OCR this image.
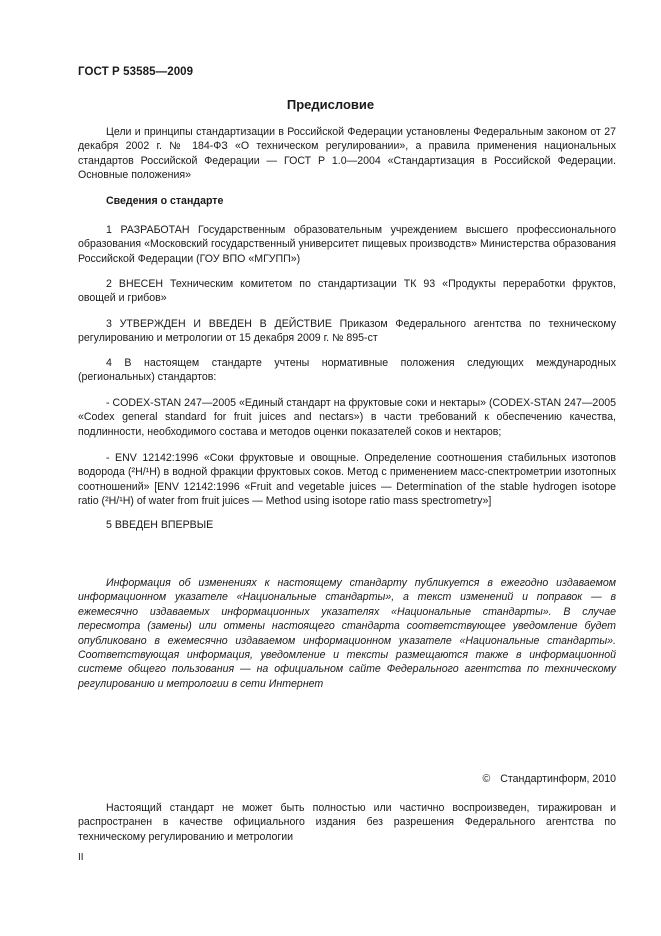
ГОСТ Р 53585—2009
Предисловие
Цели и принципы стандартизации в Российской Федерации установлены Федеральным законом от 27 декабря 2002 г. № 184-ФЗ «О техническом регулировании», а правила применения национальных стандартов Российской Федерации — ГОСТ Р 1.0—2004 «Стандартизация в Российской Федерации. Основные положения»
Сведения о стандарте
1 РАЗРАБОТАН Государственным образовательным учреждением высшего профессионального образования «Московский государственный университет пищевых производств» Министерства образования Российской Федерации (ГОУ ВПО «МГУПП»)
2 ВНЕСЕН Техническим комитетом по стандартизации ТК 93 «Продукты переработки фруктов, овощей и грибов»
3 УТВЕРЖДЕН И ВВЕДЕН В ДЕЙСТВИЕ Приказом Федерального агентства по техническому регулированию и метрологии от 15 декабря 2009 г. № 895-ст
4 В настоящем стандарте учтены нормативные положения следующих международных (региональных) стандартов:
- CODEX-STAN 247—2005 «Единый стандарт на фруктовые соки и нектары» (CODEX-STAN 247—2005 «Codex general standard for fruit juices and nectars») в части требований к обеспечению качества, подлинности, необходимого состава и методов оценки показателей соков и нектаров;
- ENV 12142:1996 «Соки фруктовые и овощные. Определение соотношения стабильных изотопов водорода (²H/¹H) в водной фракции фруктовых соков. Метод с применением масс-спектрометрии изотопных соотношений» [ENV 12142:1996 «Fruit and vegetable juices — Determination of the stable hydrogen isotope ratio (²H/¹H) of water from fruit juices — Method using isotope ratio mass spectrometry»]
5 ВВЕДЕН ВПЕРВЫЕ
Информация об изменениях к настоящему стандарту публикуется в ежегодно издаваемом информационном указателе «Национальные стандарты», а текст изменений и поправок — в ежемесячно издаваемых информационных указателях «Национальные стандарты». В случае пересмотра (замены) или отмены настоящего стандарта соответствующее уведомление будет опубликовано в ежемесячно издаваемом информационном указателе «Национальные стандарты». Соответствующая информация, уведомление и тексты размещаются также в информационной системе общего пользования — на официальном сайте Федерального агентства по техническому регулированию и метрологии в сети Интернет
© Стандартинформ, 2010
Настоящий стандарт не может быть полностью или частично воспроизведен, тиражирован и распространен в качестве официального издания без разрешения Федерального агентства по техническому регулированию и метрологии
II
